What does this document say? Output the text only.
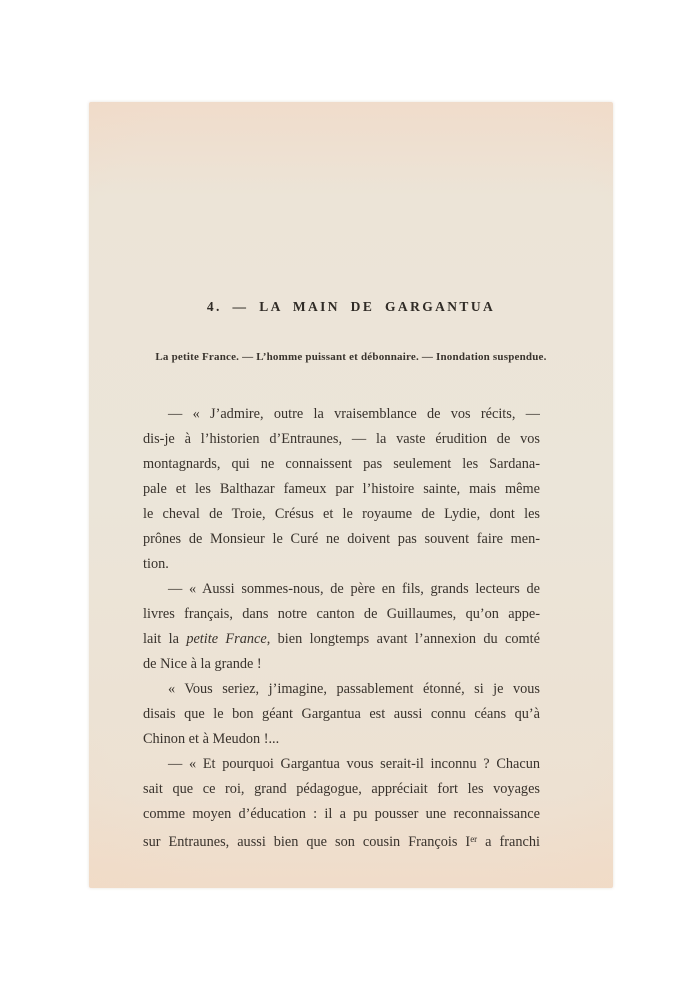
4. — LA MAIN DE GARGANTUA
La petite France. — L’homme puissant et débonnaire. — Inondation suspendue.
— « J’admire, outre la vraisemblance de vos récits, —
dis-je à l’historien d’Entraunes, — la vaste érudition de vos
montagnards, qui ne connaissent pas seulement les Sardana-
pale et les Balthazar fameux par l’histoire sainte, mais même
le cheval de Troie, Crésus et le royaume de Lydie, dont les
prônes de Monsieur le Curé ne doivent pas souvent faire men-
tion.
— « Aussi sommes-nous, de père en fils, grands lecteurs de
livres français, dans notre canton de Guillaumes, qu’on appe-
lait la petite France, bien longtemps avant l’annexion du comté
de Nice à la grande !
« Vous seriez, j’imagine, passablement étonné, si je vous
disais que le bon géant Gargantua est aussi connu céans qu’à
Chinon et à Meudon !...
— « Et pourquoi Gargantua vous serait-il inconnu ? Chacun
sait que ce roi, grand pédagogue, appréciait fort les voyages
comme moyen d’éducation : il a pu pousser une reconnaissance
sur Entraunes, aussi bien que son cousin François Ier a franchi
